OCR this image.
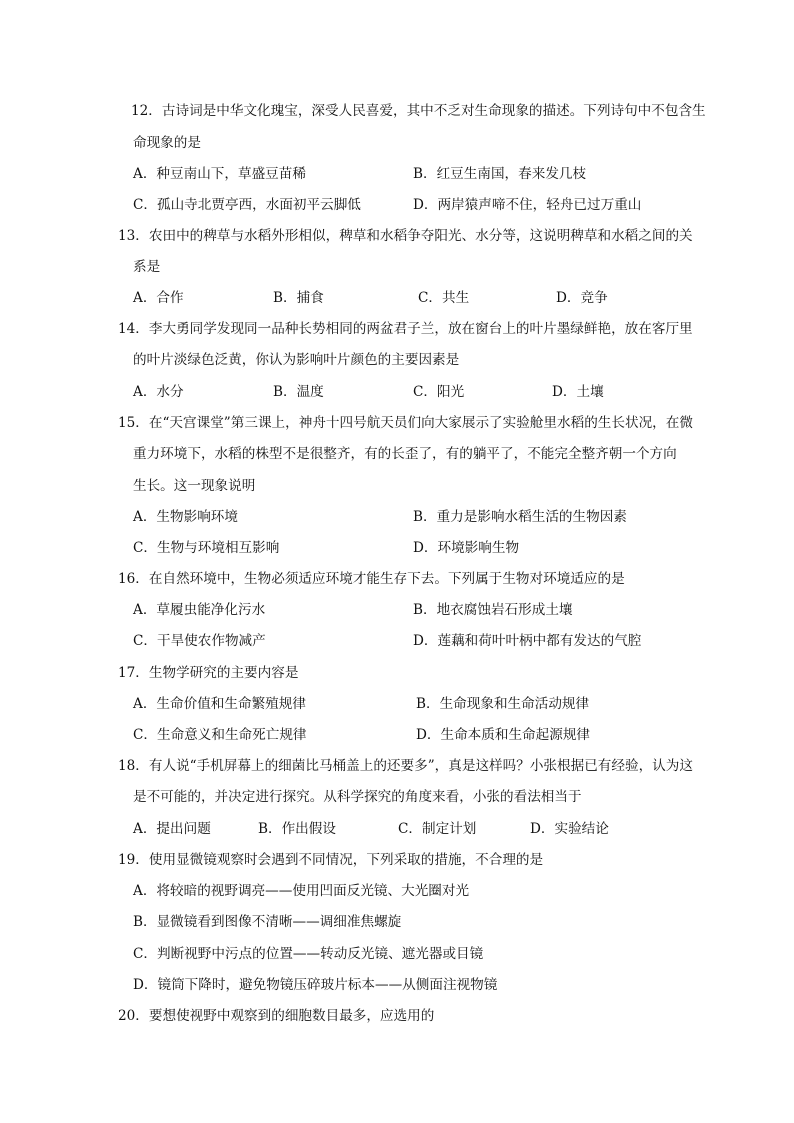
12．古诗词是中华文化瑰宝，深受人民喜爱，其中不乏对生命现象的描述。下列诗句中不包含生
命现象的是
A．种豆南山下，草盛豆苗稀	B．红豆生南国，春来发几枝
C．孤山寺北贾亭西，水面初平云脚低	D．两岸猿声啼不住，轻舟已过万重山
13．农田中的稗草与水稻外形相似，稗草和水稻争夺阳光、水分等，这说明稗草和水稻之间的关
系是
A．合作	B．捕食	C．共生	D．竞争
14．李大勇同学发现同一品种长势相同的两盆君子兰，放在窗台上的叶片墨绿鲜艳，放在客厅里
的叶片淡绿色泛黄，你认为影响叶片颜色的主要因素是
A．水分	B．温度	C．阳光	D．土壤
15．在“天宫课堂”第三课上，神舟十四号航天员们向大家展示了实验舱里水稻的生长状况，在微
重力环境下，水稻的株型不是很整齐，有的长歪了，有的躺平了，不能完全整齐朝一个方向
生长。这一现象说明
A．生物影响环境	B．重力是影响水稻生活的生物因素
C．生物与环境相互影响	D．环境影响生物
16．在自然环境中，生物必须适应环境才能生存下去。下列属于生物对环境适应的是
A．草履虫能净化污水	B．地衣腐蚀岩石形成土壤
C．干旱使农作物减产	D．莲藕和荷叶叶柄中都有发达的气腔
17．生物学研究的主要内容是
A．生命价值和生命繁殖规律	B．生命现象和生命活动规律
C．生命意义和生命死亡规律	D．生命本质和生命起源规律
18．有人说“手机屏幕上的细菌比马桶盖上的还要多”，真是这样吗？小张根据已有经验，认为这
是不可能的，并决定进行探究。从科学探究的角度来看，小张的看法相当于
A．提出问题	B．作出假设	C．制定计划	D．实验结论
19．使用显微镜观察时会遇到不同情况，下列采取的措施，不合理的是
A．将较暗的视野调亮——使用凹面反光镜、大光圈对光
B．显微镜看到图像不清晰——调细准焦螺旋
C．判断视野中污点的位置——转动反光镜、遮光器或目镜
D．镜筒下降时，避免物镜压碎玻片标本——从侧面注视物镜
20．要想使视野中观察到的细胞数目最多，应选用的
